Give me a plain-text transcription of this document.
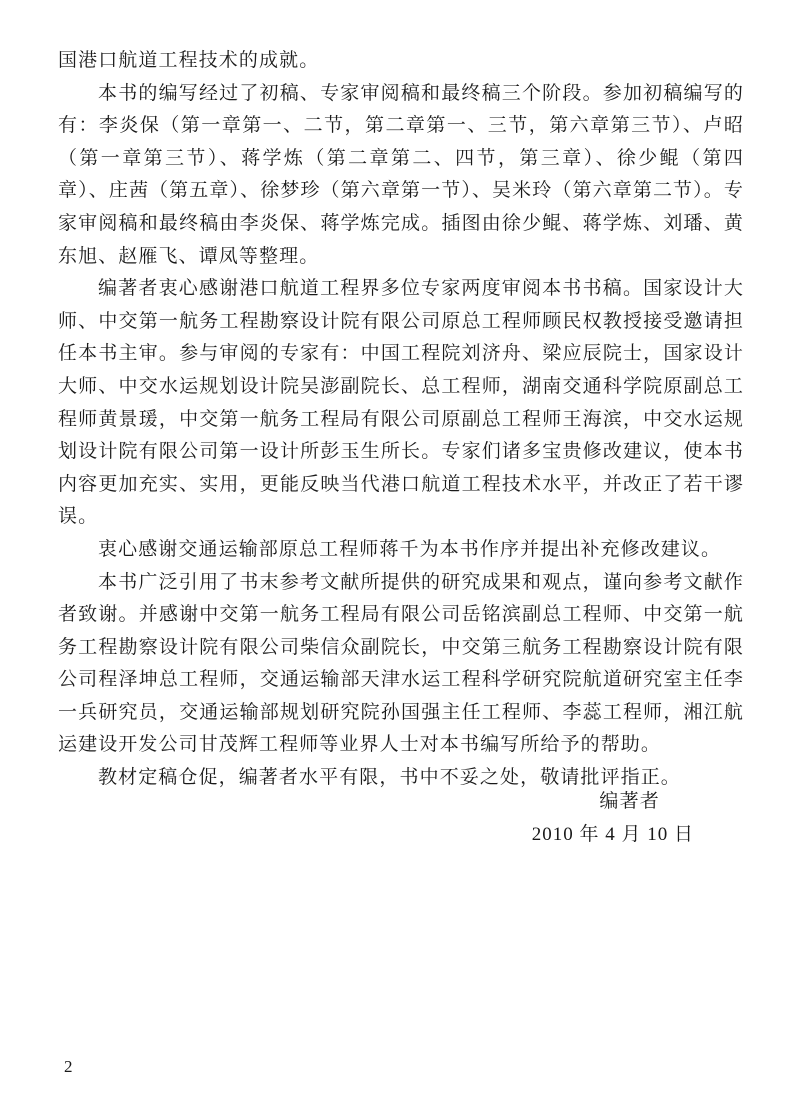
国港口航道工程技术的成就。

本书的编写经过了初稿、专家审阅稿和最终稿三个阶段。参加初稿编写的有：李炎保（第一章第一、二节，第二章第一、三节，第六章第三节）、卢昭（第一章第三节）、蒋学炼（第二章第二、四节，第三章）、徐少鲲（第四章）、庄茜（第五章）、徐梦珍（第六章第一节）、吴米玲（第六章第二节）。专家审阅稿和最终稿由李炎保、蒋学炼完成。插图由徐少鲲、蒋学炼、刘璠、黄东旭、赵雁飞、谭凤等整理。

编著者衷心感谢港口航道工程界多位专家两度审阅本书书稿。国家设计大师、中交第一航务工程勘察设计院有限公司原总工程师顾民权教授接受邀请担任本书主审。参与审阅的专家有：中国工程院刘济舟、梁应辰院士，国家设计大师、中交水运规划设计院吴澎副院长、总工程师，湖南交通科学院原副总工程师黄景瑗，中交第一航务工程局有限公司原副总工程师王海滨，中交水运规划设计院有限公司第一设计所彭玉生所长。专家们诸多宝贵修改建议，使本书内容更加充实、实用，更能反映当代港口航道工程技术水平，并改正了若干谬误。

衷心感谢交通运输部原总工程师蒋千为本书作序并提出补充修改建议。

本书广泛引用了书末参考文献所提供的研究成果和观点，谨向参考文献作者致谢。并感谢中交第一航务工程局有限公司岳铭滨副总工程师、中交第一航务工程勘察设计院有限公司柴信众副院长，中交第三航务工程勘察设计院有限公司程泽坤总工程师，交通运输部天津水运工程科学研究院航道研究室主任李一兵研究员，交通运输部规划研究院孙国强主任工程师、李蕊工程师，湘江航运建设开发公司甘茂辉工程师等业界人士对本书编写所给予的帮助。

教材定稿仓促，编著者水平有限，书中不妥之处，敬请批评指正。

编著者
2010 年 4 月 10 日
2
